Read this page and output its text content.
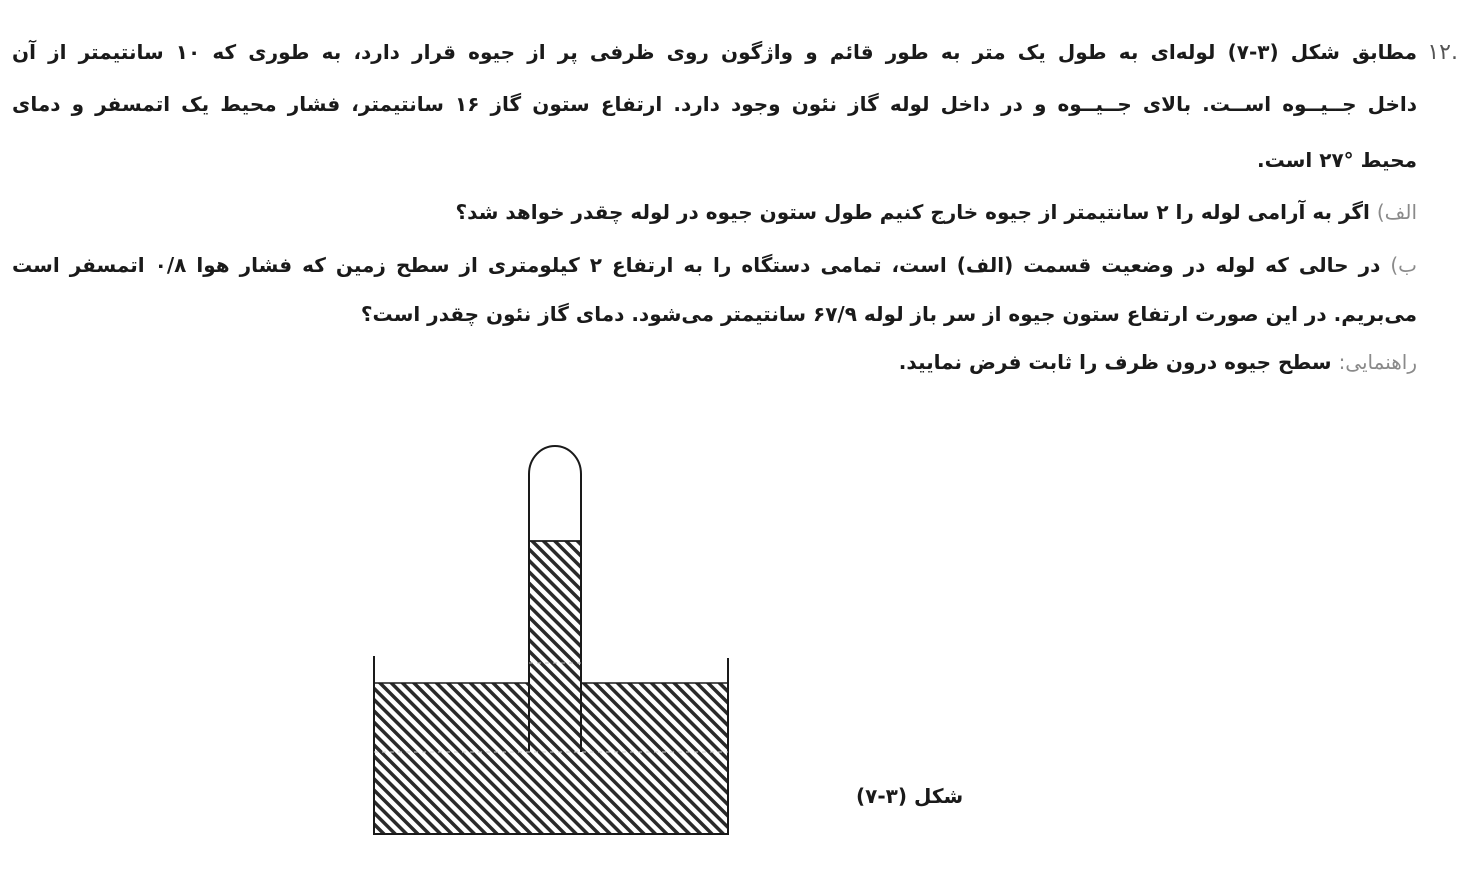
.۱۲
مطابق شکل (۳-۷) لوله‌ای به طول یک متر به طور قائم و واژگون روی ظرفی پر از جیوه قرار دارد، به طوری که ۱۰ سانتیمتر از آن
داخل جــیــوه اســت. بالای جــیــوه و در داخل لوله گاز نئون وجود دارد. ارتفاع ستون گاز ۱۶ سانتیمتر، فشار محیط یک اتمسفر و دمای
محیط °۲۷ است.
الف) اگر به آرامی لوله را ۲ سانتیمتر از جیوه خارج کنیم طول ستون جیوه در لوله چقدر خواهد شد؟
ب) در حالی که لوله در وضعیت قسمت (الف) است، تمامی دستگاه را به ارتفاع ۲ کیلومتری از سطح زمین که فشار هوا ۰/۸ اتمسفر است
می‌بریم. در این صورت ارتفاع ستون جیوه از سر باز لوله ۶۷/۹ سانتیمتر می‌شود. دمای گاز نئون چقدر است؟
راهنمایی: سطح جیوه درون ظرف را ثابت فرض نمایید.
شکل (۳-۷)
